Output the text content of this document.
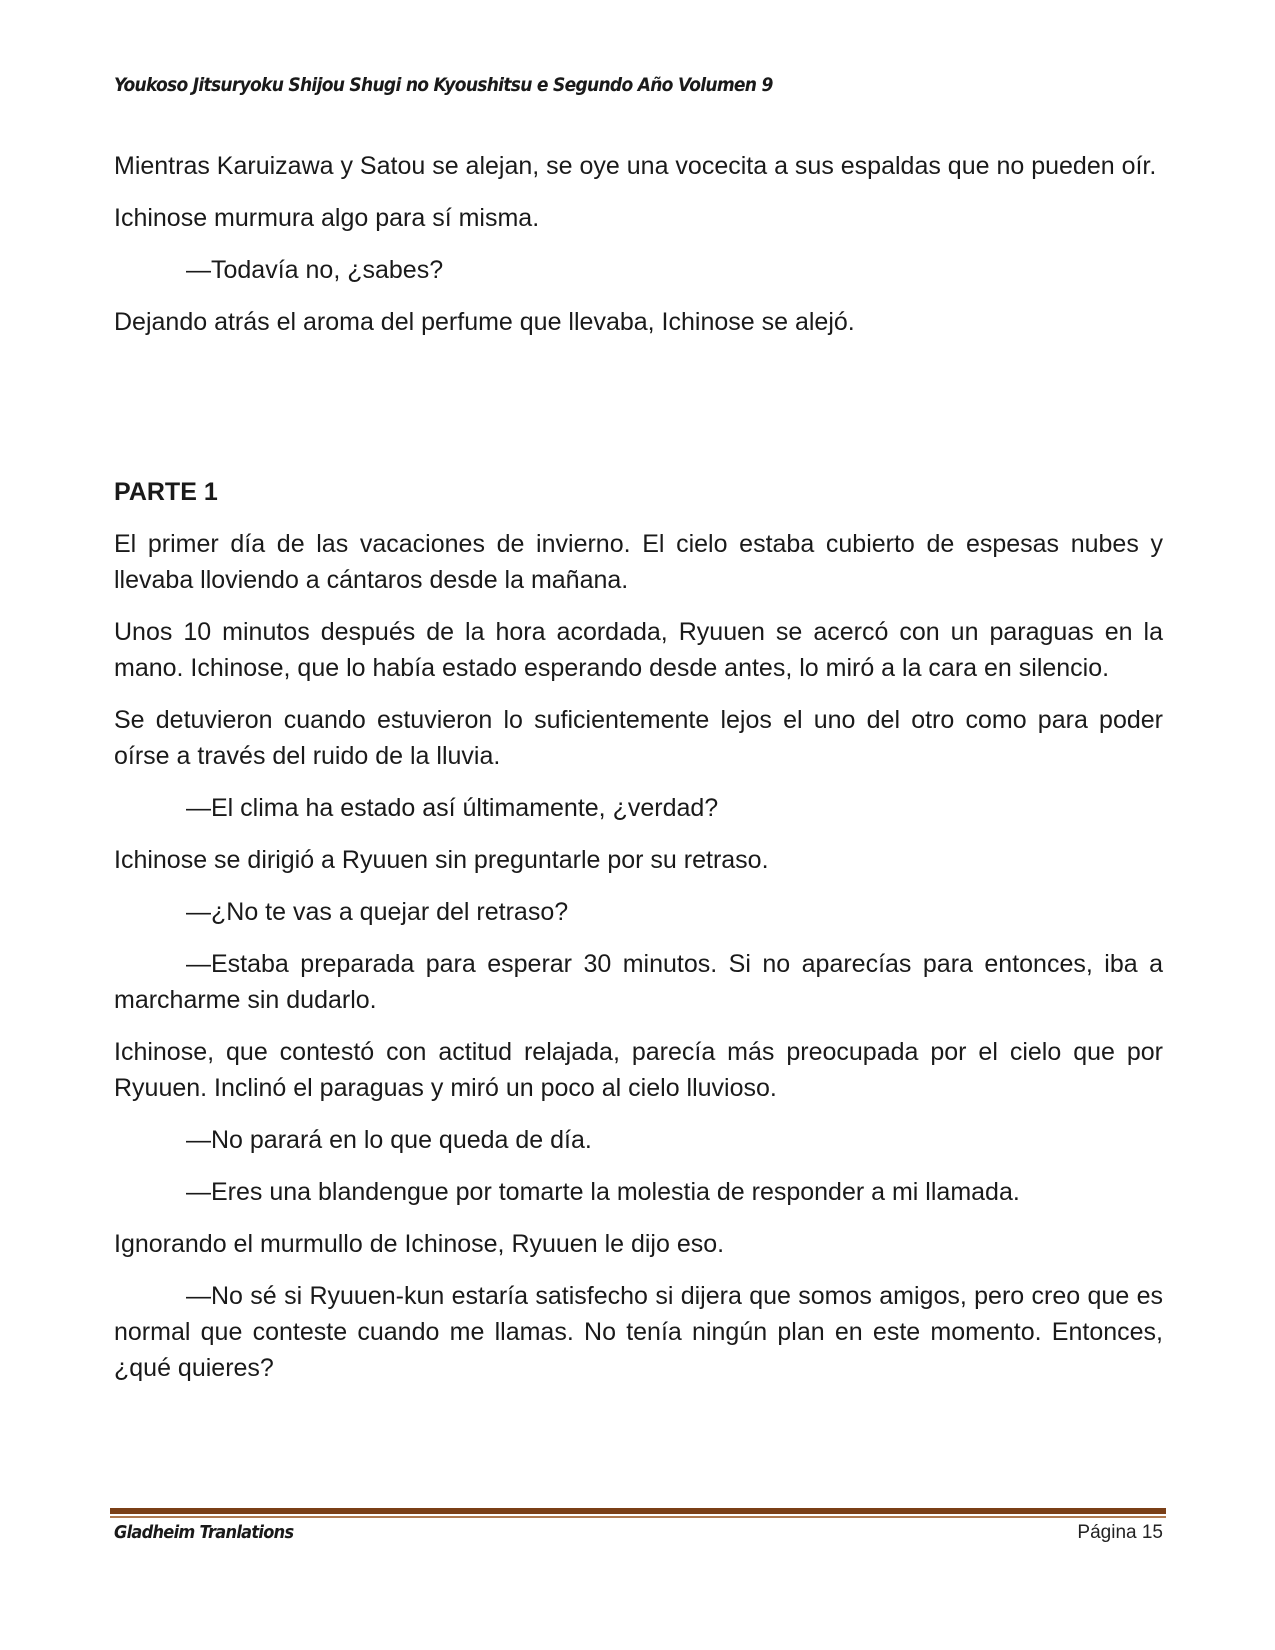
Youkoso Jitsuryoku Shijou Shugi no Kyoushitsu e Segundo Año Volumen 9

Mientras Karuizawa y Satou se alejan, se oye una vocecita a sus espaldas que no pueden oír.

Ichinose murmura algo para sí misma.

—Todavía no, ¿sabes?

Dejando atrás el aroma del perfume que llevaba, Ichinose se alejó.

PARTE 1

El primer día de las vacaciones de invierno. El cielo estaba cubierto de espesas nubes y llevaba lloviendo a cántaros desde la mañana.

Unos 10 minutos después de la hora acordada, Ryuuen se acercó con un paraguas en la mano. Ichinose, que lo había estado esperando desde antes, lo miró a la cara en silencio.

Se detuvieron cuando estuvieron lo suficientemente lejos el uno del otro como para poder oírse a través del ruido de la lluvia.

—El clima ha estado así últimamente, ¿verdad?

Ichinose se dirigió a Ryuuen sin preguntarle por su retraso.

—¿No te vas a quejar del retraso?

—Estaba preparada para esperar 30 minutos. Si no aparecías para entonces, iba a marcharme sin dudarlo.

Ichinose, que contestó con actitud relajada, parecía más preocupada por el cielo que por Ryuuen. Inclinó el paraguas y miró un poco al cielo lluvioso.

—No parará en lo que queda de día.

—Eres una blandengue por tomarte la molestia de responder a mi llamada.

Ignorando el murmullo de Ichinose, Ryuuen le dijo eso.

—No sé si Ryuuen-kun estaría satisfecho si dijera que somos amigos, pero creo que es normal que conteste cuando me llamas. No tenía ningún plan en este momento. Entonces, ¿qué quieres?

Gladheim Tranlations	Página 15
